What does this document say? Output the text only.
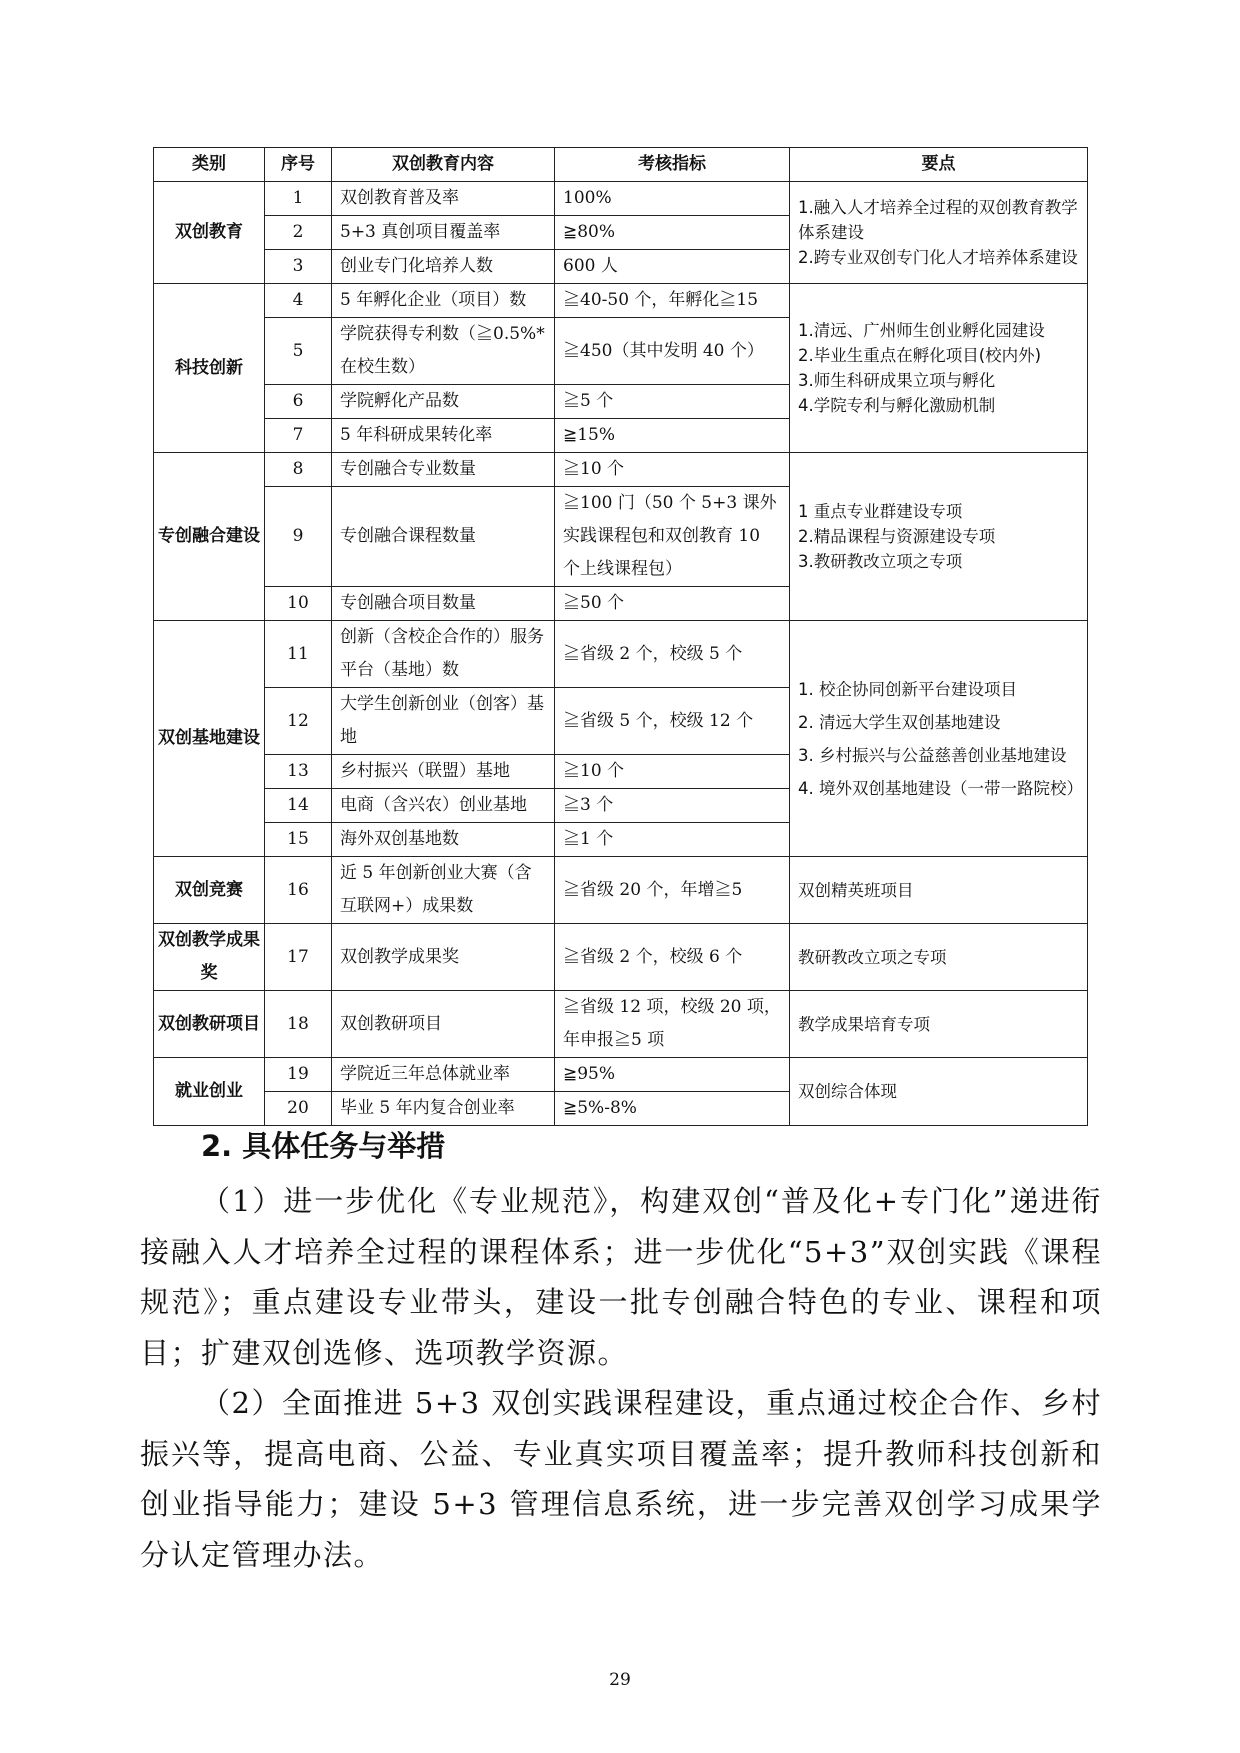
类别	序号	双创教育内容	考核指标	要点
双创教育	1	双创教育普及率	100%	1.融入人才培养全过程的双创教育教学体系建设
2.跨专业双创专门化人才培养体系建设

	2	5+3 真创项目覆盖率	≧80%	
	3	创业专门化培养人数	600 人	
科技创新	4	5 年孵化企业（项目）数	≧40-50 个，年孵化≧15	1.清远、广州师生创业孵化园建设
2.毕业生重点在孵化项目(校内外)
3.师生科研成果立项与孵化
4.学院专利与孵化激励机制

	5	学院获得专利数（≧0.5%*在校生数）	≧450（其中发明 40 个）	
	6	学院孵化产品数	≧5 个	
	7	5 年科研成果转化率	≧15%	
专创融合建设	8	专创融合专业数量	≧10 个	1 重点专业群建设专项
2.精品课程与资源建设专项
3.教研教改立项之专项

	9	专创融合课程数量	≧100 门（50 个 5+3 课外实践课程包和双创教育 10 个上线课程包）	
	10	专创融合项目数量	≧50 个	
双创基地建设	11	创新（含校企合作的）服务平台（基地）数	≧省级 2 个，校级 5 个	1. 校企协同创新平台建设项目
2. 清远大学生双创基地建设
3. 乡村振兴与公益慈善创业基地建设
4. 境外双创基地建设（一带一路院校）

	12	大学生创新创业（创客）基地	≧省级 5 个，校级 12 个	
	13	乡村振兴（联盟）基地	≧10 个	
	14	电商（含兴农）创业基地	≧3 个	
	15	海外双创基地数	≧1 个	
双创竞赛	16	近 5 年创新创业大赛（含互联网+）成果数	≧省级 20 个，年增≧5	双创精英班项目

双创教学成果奖	17	双创教学成果奖	≧省级 2 个，校级 6 个	教研教改立项之专项

双创教研项目	18	双创教研项目	≧省级 12 项，校级 20 项，年申报≧5 项	教学成果培育专项

就业创业	19	学院近三年总体就业率	≧95%	双创综合体现

	20	毕业 5 年内复合创业率	≧5%-8%	
2. 具体任务与举措
（1）进一步优化《专业规范》，构建双创“普及化+专门化”递进衔接融入人才培养全过程的课程体系；进一步优化“5+3”双创实践《课程规范》；重点建设专业带头，建设一批专创融合特色的专业、课程和项目；扩建双创选修、选项教学资源。
（2）全面推进 5+3 双创实践课程建设，重点通过校企合作、乡村振兴等，提高电商、公益、专业真实项目覆盖率；提升教师科技创新和创业指导能力；建设 5+3 管理信息系统，进一步完善双创学习成果学分认定管理办法。
29
